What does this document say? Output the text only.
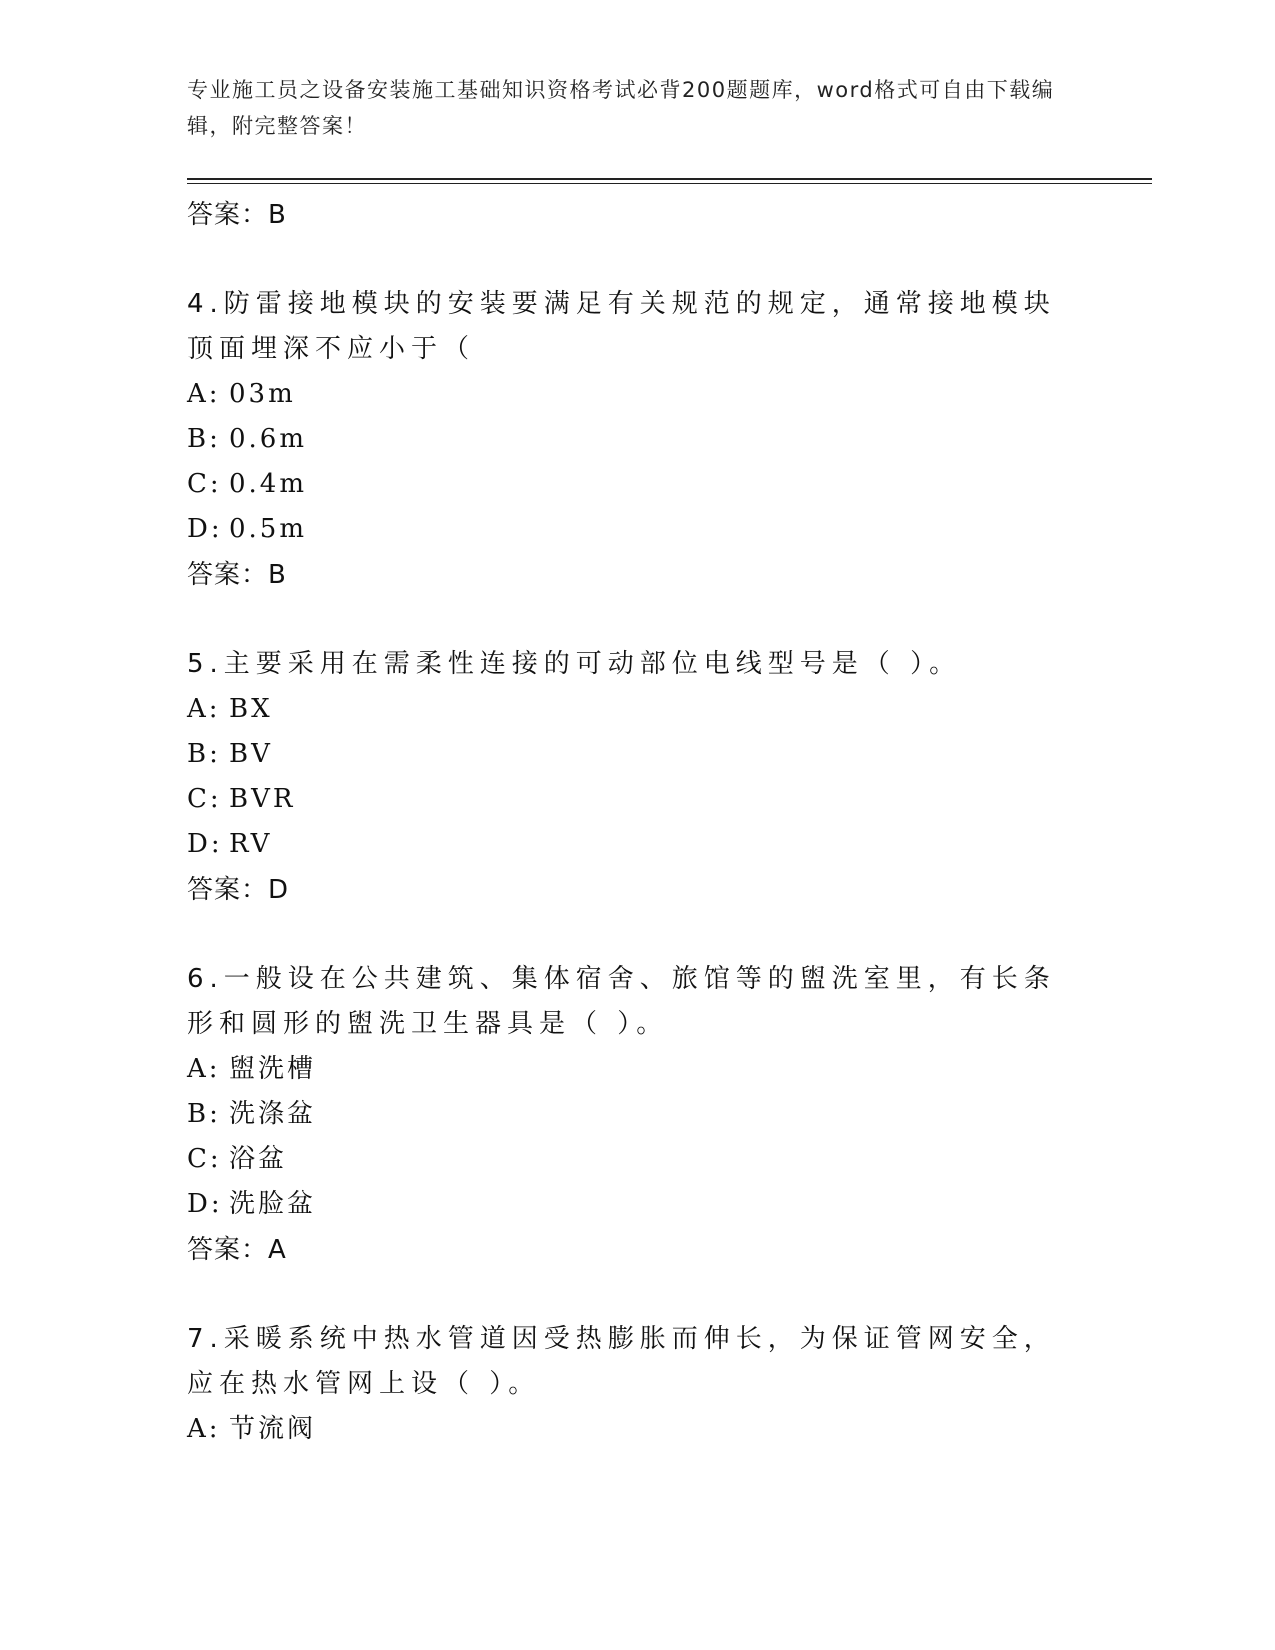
专业施工员之设备安装施工基础知识资格考试必背200题题库，word格式可自由下载编辑，附完整答案！

答案：B

4.防雷接地模块的安装要满足有关规范的规定，通常接地模块顶面埋深不应小于（

A: 03m

B: 0.6m

C: 0.4m

D: 0.5m

答案：B

5.主要采用在需柔性连接的可动部位电线型号是（ ）。

A: BX

B: BV

C: BVR

D: RV

答案：D

6.一般设在公共建筑、集体宿舍、旅馆等的盥洗室里，有长条形和圆形的盥洗卫生器具是（ ）。

A: 盥洗槽

B: 洗涤盆

C: 浴盆

D: 洗脸盆

答案：A

7.采暖系统中热水管道因受热膨胀而伸长，为保证管网安全，应在热水管网上设（ ）。

A: 节流阀
